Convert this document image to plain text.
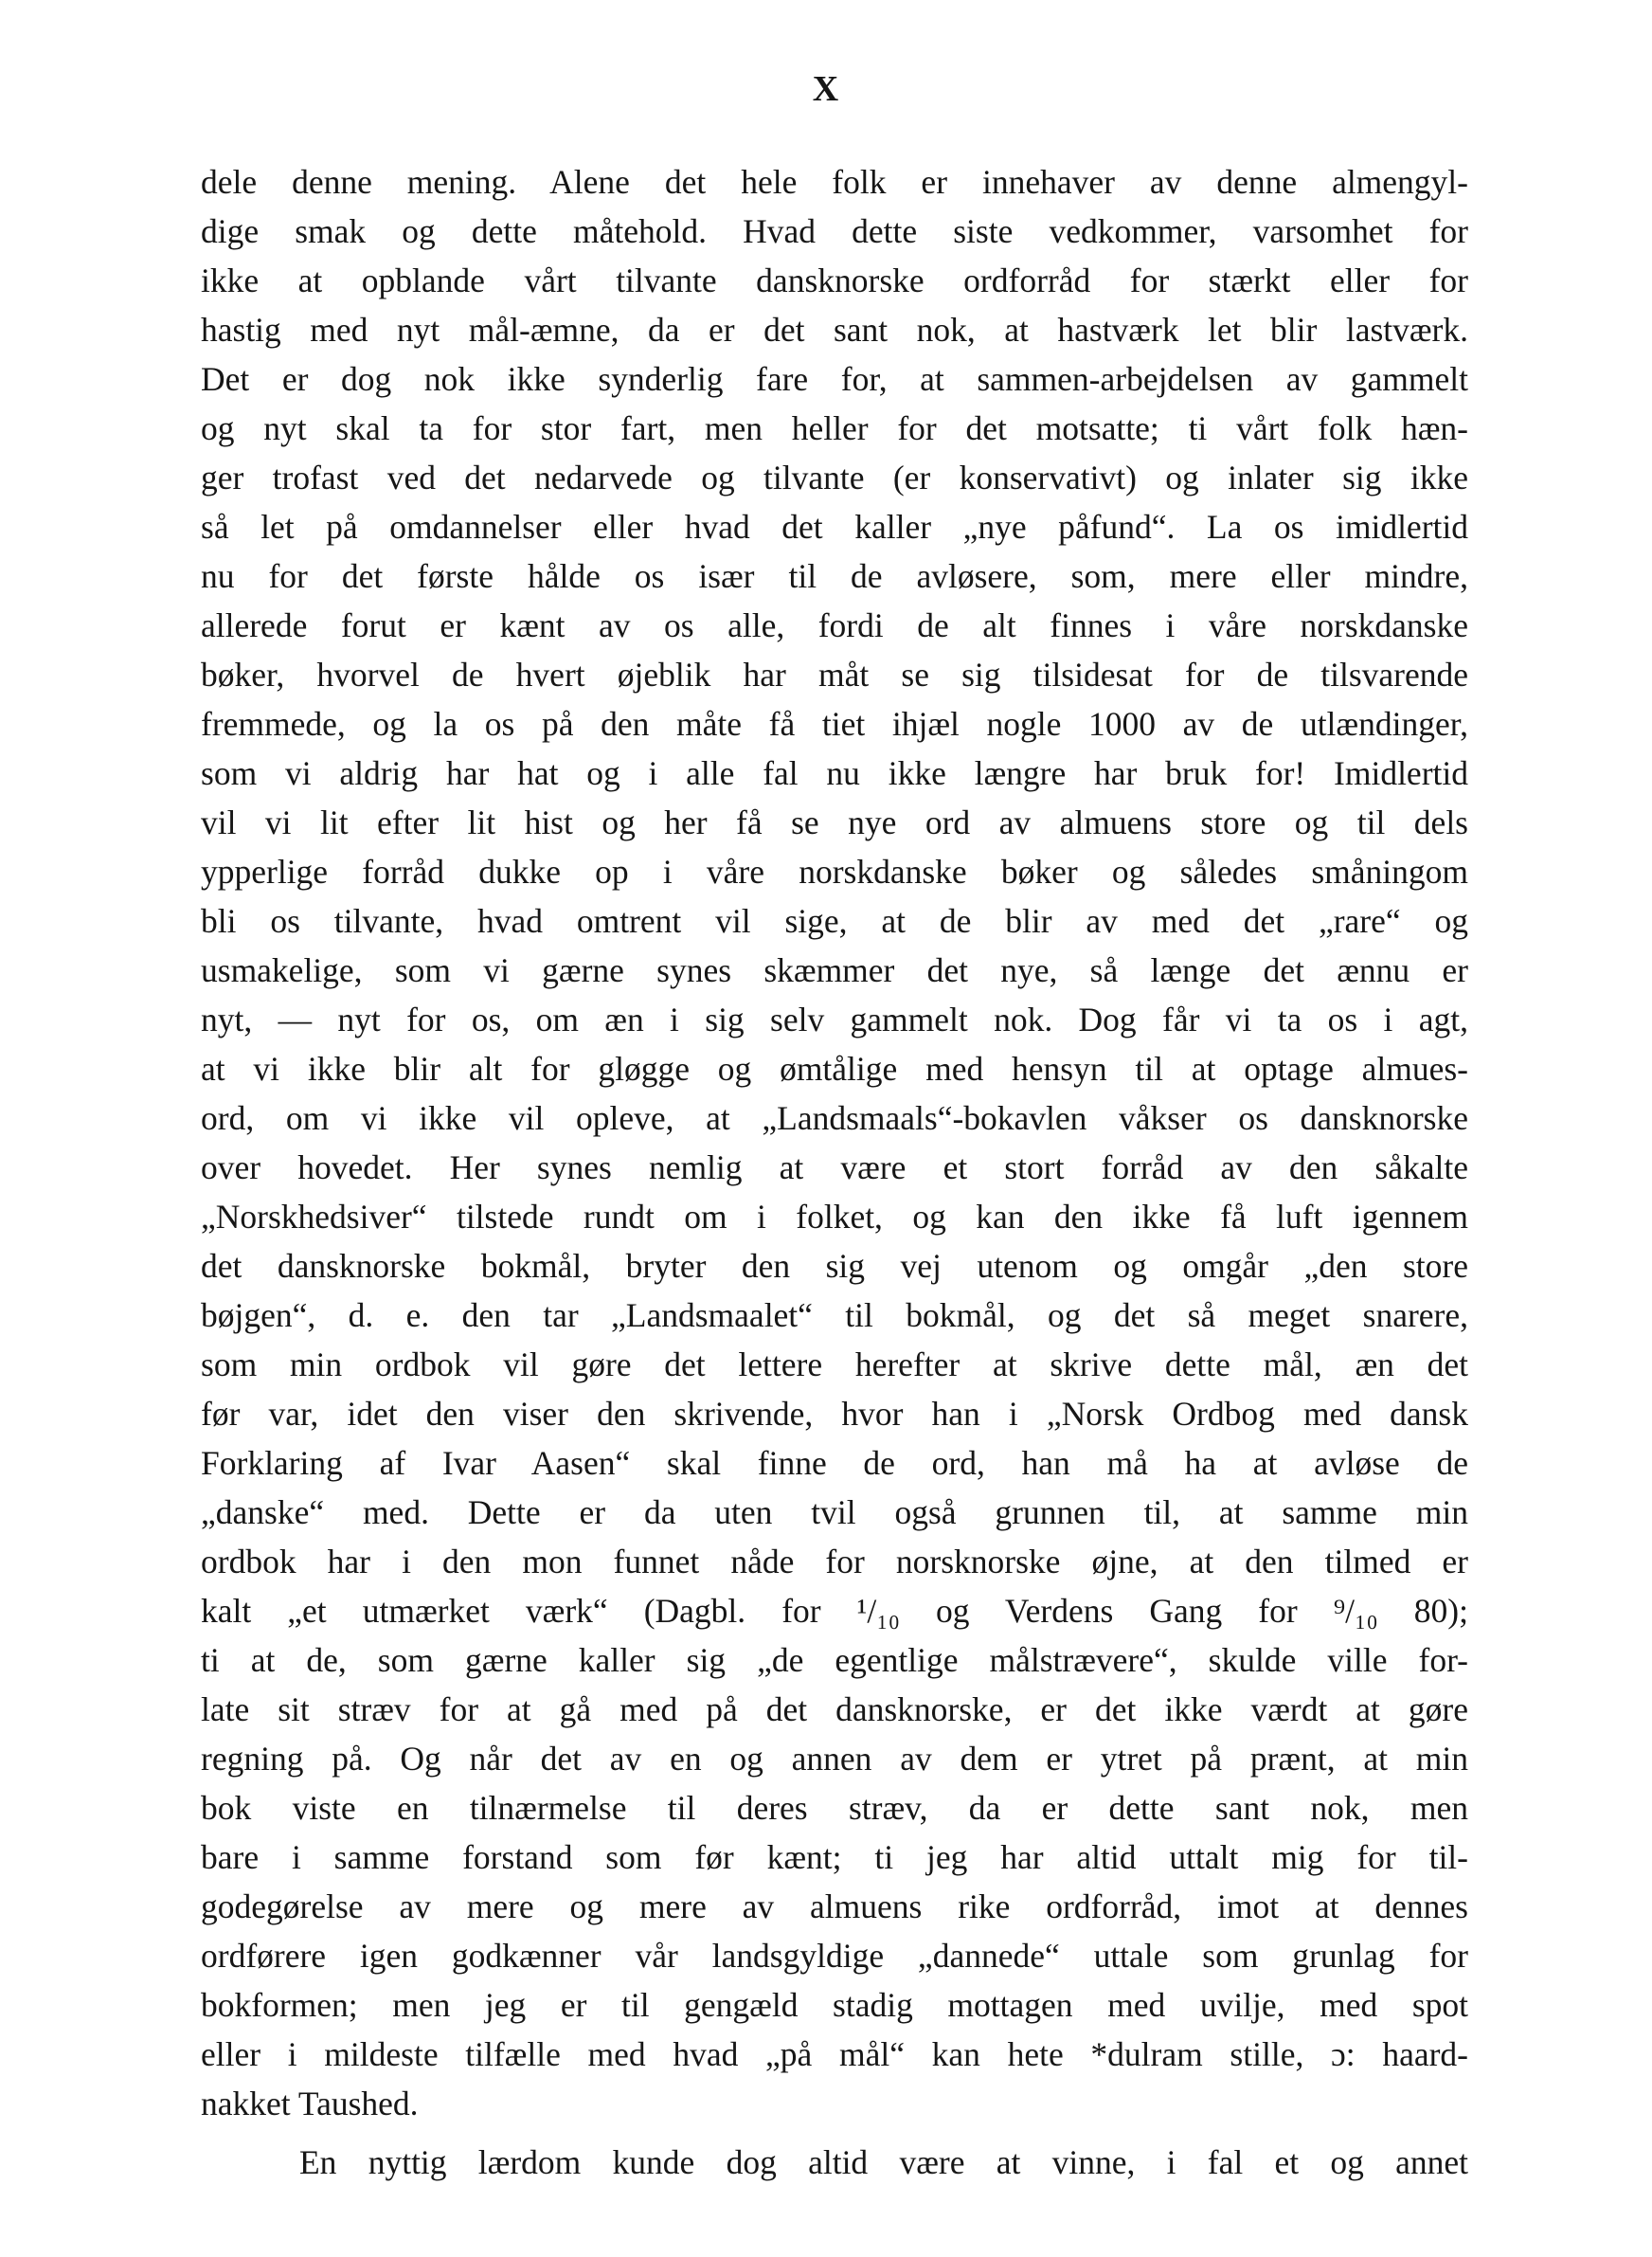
X
dele denne mening. Alene det hele folk er innehaver av denne almengyl-
dige smak og dette måtehold. Hvad dette siste vedkommer, varsomhet for
ikke at opblande vårt tilvante dansknorske ordforråd for stærkt eller for
hastig med nyt mål-æmne, da er det sant nok, at hastværk let blir lastværk.
Det er dog nok ikke synderlig fare for, at sammen-arbejdelsen av gammelt
og nyt skal ta for stor fart, men heller for det motsatte; ti vårt folk hæn-
ger trofast ved det nedarvede og tilvante (er konservativt) og inlater sig ikke
så let på omdannelser eller hvad det kaller „nye påfund“. La os imidlertid
nu for det første hålde os især til de avløsere, som, mere eller mindre,
allerede forut er kænt av os alle, fordi de alt finnes i våre norskdanske
bøker, hvorvel de hvert øjeblik har måt se sig tilsidesat for de tilsvarende
fremmede, og la os på den måte få tiet ihjæl nogle 1000 av de utlændinger,
som vi aldrig har hat og i alle fal nu ikke længre har bruk for! Imidlertid
vil vi lit efter lit hist og her få se nye ord av almuens store og til dels
ypperlige forråd dukke op i våre norskdanske bøker og således småningom
bli os tilvante, hvad omtrent vil sige, at de blir av med det „rare“ og
usmakelige, som vi gærne synes skæmmer det nye, så længe det ænnu er
nyt, — nyt for os, om æn i sig selv gammelt nok. Dog får vi ta os i agt,
at vi ikke blir alt for gløgge og ømtålige med hensyn til at optage almues-
ord, om vi ikke vil opleve, at „Landsmaals“-bokavlen våkser os dansknorske
over hovedet. Her synes nemlig at være et stort forråd av den såkalte
„Norskhedsiver“ tilstede rundt om i folket, og kan den ikke få luft igennem
det dansknorske bokmål, bryter den sig vej utenom og omgår „den store
bøjgen“, d. e. den tar „Landsmaalet“ til bokmål, og det så meget snarere,
som min ordbok vil gøre det lettere herefter at skrive dette mål, æn det
før var, idet den viser den skrivende, hvor han i „Norsk Ordbog med dansk
Forklaring af Ivar Aasen“ skal finne de ord, han må ha at avløse de
„danske“ med. Dette er da uten tvil også grunnen til, at samme min
ordbok har i den mon funnet nåde for norsknorske øjne, at den tilmed er
kalt „et utmærket værk“ (Dagbl. for ¹/₁₀ og Verdens Gang for ⁹/₁₀ 80);
ti at de, som gærne kaller sig „de egentlige målstrævere“, skulde ville for-
late sit stræv for at gå med på det dansknorske, er det ikke værdt at gøre
regning på. Og når det av en og annen av dem er ytret på prænt, at min
bok viste en tilnærmelse til deres stræv, da er dette sant nok, men
bare i samme forstand som før kænt; ti jeg har altid uttalt mig for til-
godegørelse av mere og mere av almuens rike ordforråd, imot at dennes
ordførere igen godkænner vår landsgyldige „dannede“ uttale som grunlag for
bokformen; men jeg er til gengæld stadig mottagen med uvilje, med spot
eller i mildeste tilfælle med hvad „på mål“ kan hete *dulram stille, ɔ: haard-
nakket Taushed.
En nyttig lærdom kunde dog altid være at vinne, i fal et og annet
